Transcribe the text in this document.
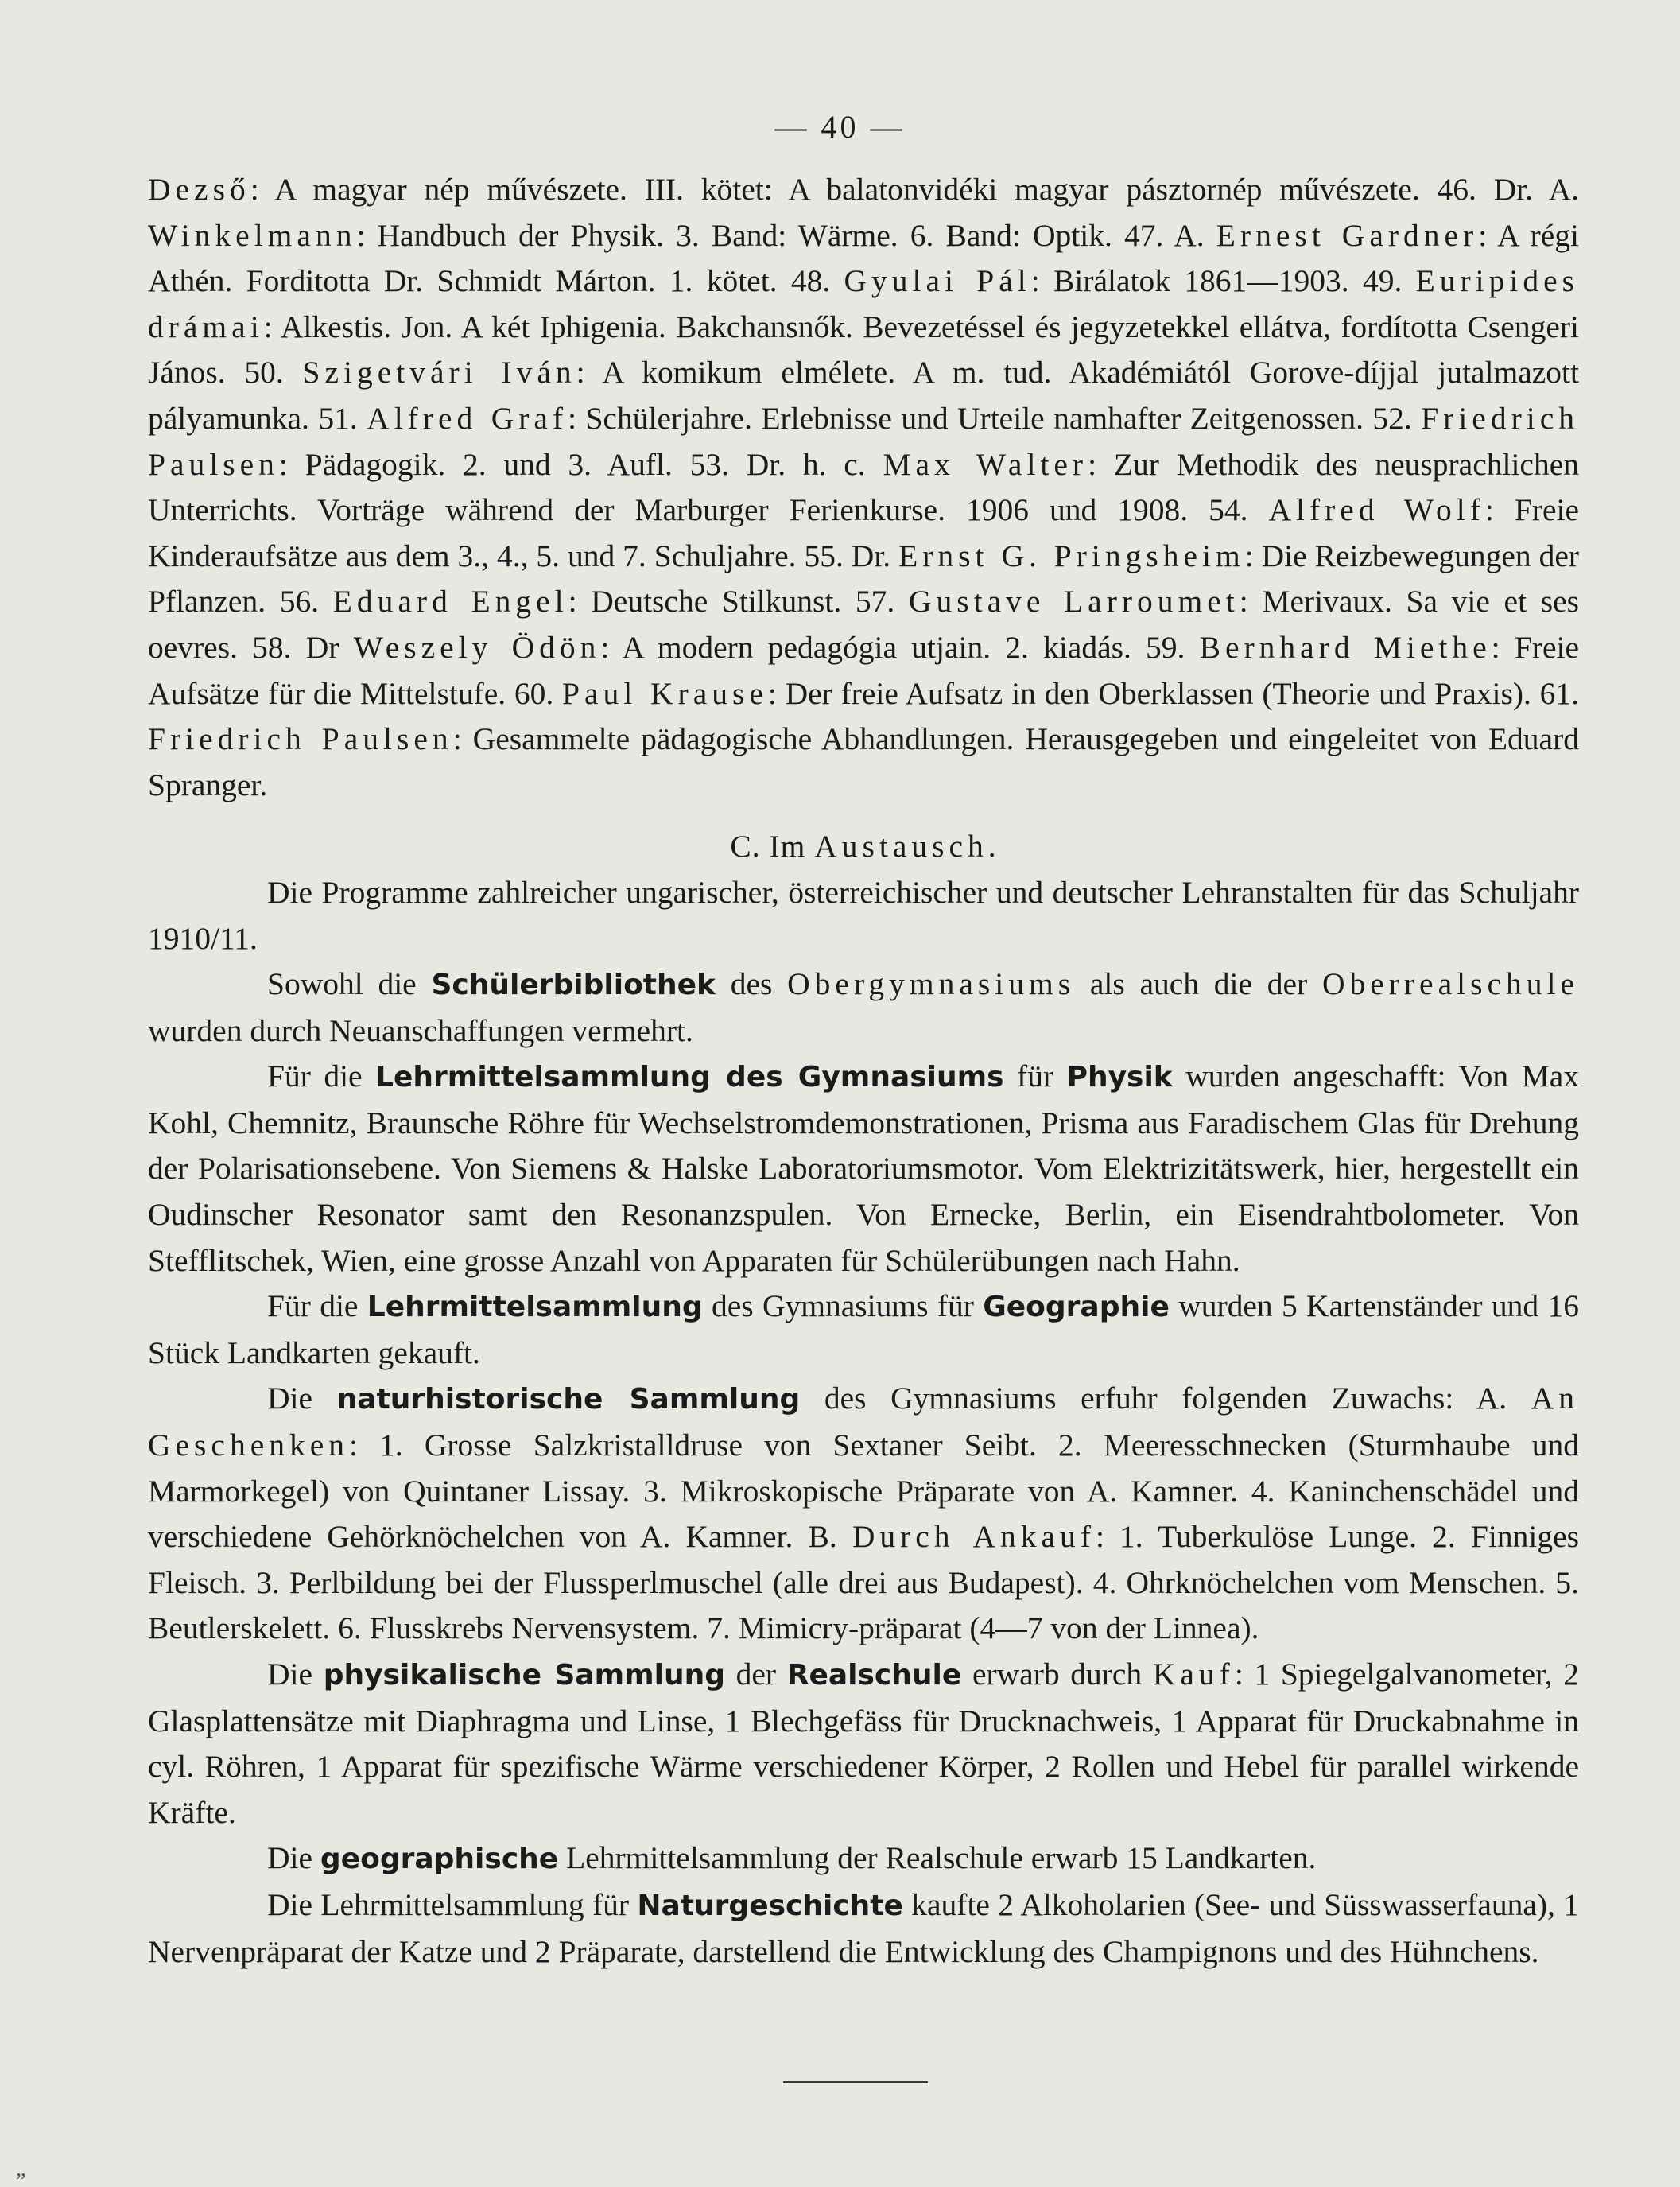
— 40 —

Dezső: A magyar nép művészete. III. kötet: A balatonvidéki magyar pásztornép művészete. 46. Dr. A. Winkelmann: Handbuch der Physik. 3. Band: Wärme. 6. Band: Optik. 47. A. Ernest Gardner: A régi Athén. Forditotta Dr. Schmidt Márton. 1. kötet. 48. Gyulai Pál: Birálatok 1861—1903. 49. Euripides drámai: Alkestis. Jon. A két Iphigenia. Bakchansnők. Bevezetéssel és jegyzetekkel ellátva, fordította Csengeri János. 50. Szigetvári Iván: A komikum elmélete. A m. tud. Akadémiától Gorove-díjjal jutalmazott pályamunka. 51. Alfred Graf: Schülerjahre. Erlebnisse und Urteile namhafter Zeitgenossen. 52. Friedrich Paulsen: Pädagogik. 2. und 3. Aufl. 53. Dr. h. c. Max Walter: Zur Methodik des neusprachlichen Unterrichts. Vorträge während der Marburger Ferienkurse. 1906 und 1908. 54. Alfred Wolf: Freie Kinderaufsätze aus dem 3., 4., 5. und 7. Schuljahre. 55. Dr. Ernst G. Pringsheim: Die Reizbewegungen der Pflanzen. 56. Eduard Engel: Deutsche Stilkunst. 57. Gustave Larroumet: Merivaux. Sa vie et ses oevres. 58. Dr Weszely Ödön: A modern pedagógia utjain. 2. kiadás. 59. Bernhard Miethe: Freie Aufsätze für die Mittelstufe. 60. Paul Krause: Der freie Aufsatz in den Oberklassen (Theorie und Praxis). 61. Friedrich Paulsen: Gesammelte pädagogische Abhandlungen. Herausgegeben und eingeleitet von Eduard Spranger.

C. Im Austausch.

Die Programme zahlreicher ungarischer, österreichischer und deutscher Lehranstalten für das Schuljahr 1910/11.

Sowohl die Schülerbibliothek des Obergymnasiums als auch die der Oberrealschule wurden durch Neuanschaffungen vermehrt.

Für die Lehrmittelsammlung des Gymnasiums für Physik wurden angeschafft: Von Max Kohl, Chemnitz, Braunsche Röhre für Wechselstromdemonstrationen, Prisma aus Faradischem Glas für Drehung der Polarisationsebene. Von Siemens & Halske Laboratoriumsmotor. Vom Elektrizitätswerk, hier, hergestellt ein Oudinscher Resonator samt den Resonanzspulen. Von Ernecke, Berlin, ein Eisendrahtbolometer. Von Stefflitschek, Wien, eine grosse Anzahl von Apparaten für Schülerübungen nach Hahn.

Für die Lehrmittelsammlung des Gymnasiums für Geographie wurden 5 Kartenständer und 16 Stück Landkarten gekauft.

Die naturhistorische Sammlung des Gymnasiums erfuhr folgenden Zuwachs: A. An Geschenken: 1. Grosse Salzkristalldruse von Sextaner Seibt. 2. Meeresschnecken (Sturmhaube und Marmorkegel) von Quintaner Lissay. 3. Mikroskopische Präparate von A. Kamner. 4. Kaninchenschädel und verschiedene Gehörknöchelchen von A. Kamner. B. Durch Ankauf: 1. Tuberkulöse Lunge. 2. Finniges Fleisch. 3. Perlbildung bei der Flussperlmuschel (alle drei aus Budapest). 4. Ohrknöchelchen vom Menschen. 5. Beutlerskelett. 6. Flusskrebs Nervensystem. 7. Mimicry-präparat (4—7 von der Linnea).

Die physikalische Sammlung der Realschule erwarb durch Kauf: 1 Spiegelgalvanometer, 2 Glasplattensätze mit Diaphragma und Linse, 1 Blechgefäss für Drucknachweis, 1 Apparat für Druckabnahme in cyl. Röhren, 1 Apparat für spezifische Wärme verschiedener Körper, 2 Rollen und Hebel für parallel wirkende Kräfte.

Die geographische Lehrmittelsammlung der Realschule erwarb 15 Landkarten.

Die Lehrmittelsammlung für Naturgeschichte kaufte 2 Alkoholarien (See- und Süsswasserfauna), 1 Nervenpräparat der Katze und 2 Präparate, darstellend die Entwicklung des Champignons und des Hühnchens.

„
